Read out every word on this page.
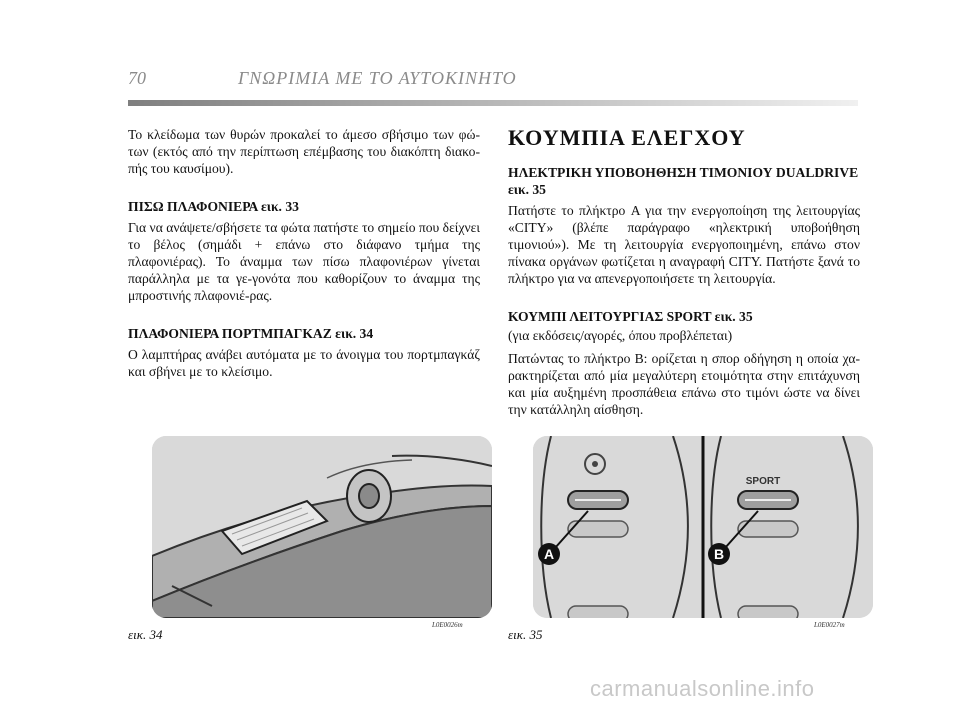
70	ΓΝΩΡΙΜΙΑ ΜΕ ΤΟ ΑΥΤΟΚΙΝΗΤΟ

Το κλείδωμα των θυρών προκαλεί το άμεσο σβήσιμο των φώ-των (εκτός από την περίπτωση επέμβασης του διακόπτη διακο-πής του καυσίμου).

ΠΙΣΩ ΠΛΑΦΟΝΙΕΡΑ εικ. 33

Για να ανάψετε/σβήσετε τα φώτα πατήστε το σημείο που δείχνει το βέλος (σημάδι + επάνω στο διάφανο τμήμα της πλαφονιέρας). Το άναμμα των πίσω πλαφονιέρων γίνεται παράλληλα με τα γε-γονότα που καθορίζουν το άναμμα της μπροστινής πλαφονιέ-ρας.

ΠΛΑΦΟΝΙΕΡΑ ΠΟΡΤΜΠΑΓΚΑΖ εικ. 34

Ο λαμπτήρας ανάβει αυτόματα με το άνοιγμα του πορτμπαγκάζ και σβήνει με το κλείσιμο.

ΚΟΥΜΠΙΑ ΕΛΕΓΧΟΥ
ΗΛΕΚΤΡΙΚΗ ΥΠΟΒΟΗΘΗΣΗ ΤΙΜΟΝΙΟΥ DUALDRIVE εικ. 35

Πατήστε το πλήκτρο A για την ενεργοποίηση της λειτουργίας «CITY» (βλέπε παράγραφο «ηλεκτρική υποβοήθηση τιμονιού»). Με τη λειτουργία ενεργοποιημένη, επάνω στον πίνακα οργάνων φωτίζεται η αναγραφή CITY. Πατήστε ξανά το πλήκτρο για να απενεργοποιήσετε τη λειτουργία.

ΚΟΥΜΠΙ ΛΕΙΤΟΥΡΓΙΑΣ SPORT εικ. 35

(για εκδόσεις/αγορές, όπου προβλέπεται)

Πατώντας το πλήκτρο B: ορίζεται η σπορ οδήγηση η οποία χα-ρακτηρίζεται από μία μεγαλύτερη ετοιμότητα στην επιτάχυνση και μία αυξημένη προσπάθεια επάνω στο τιμόνι ώστε να δίνει την κατάλληλη αίσθηση.

εικ. 34
L0E0026m
A
SPORT
B
εικ. 35
L0E0027m
carmanualsonline.info
